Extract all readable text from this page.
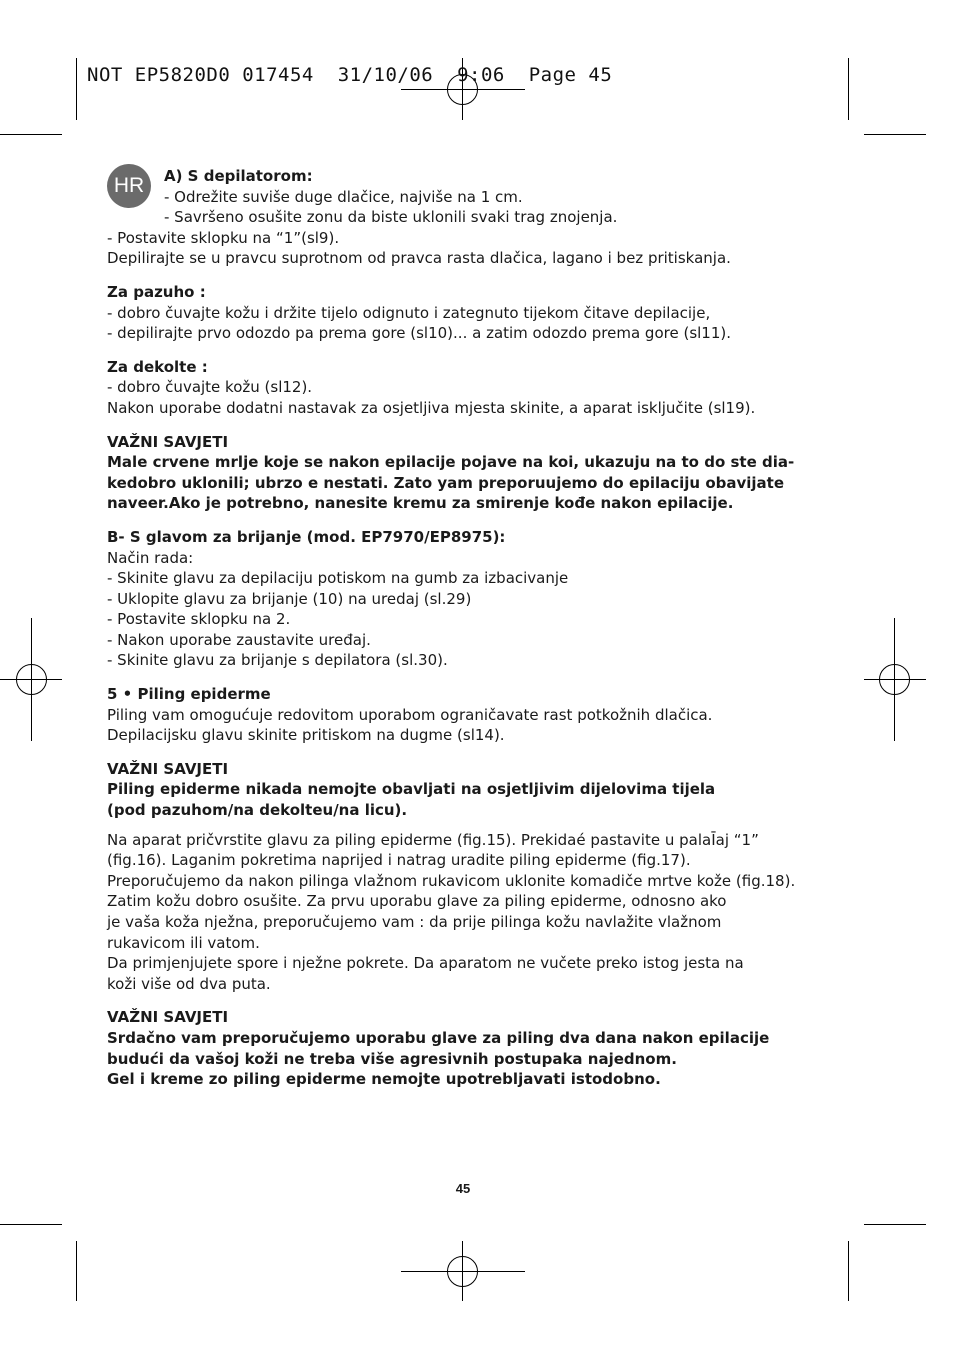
NOT EP5820D0 017454  31/10/06  9:06  Page 45
HR	A) S depilatorom:

- Odrežite suviše duge dlačice, najviše na 1 cm.

- Savršeno osušite zonu da biste uklonili svaki trag znojenja.

- Postavite sklopku na “1”(sl9).

Depilirajte se u pravcu suprotnom od pravca rasta dlačica, lagano i bez pritiskanja.

Za pazuho :

- dobro čuvajte kožu i držite tijelo odignuto i zategnuto tijekom čitave depilacije,

- depilirajte prvo odozdo pa prema gore (sl10)... a zatim odozdo prema gore (sl11).

Za dekolte :

- dobro čuvajte kožu (sl12).

Nakon uporabe dodatni nastavak za osjetljiva mjesta skinite, a aparat isključite (sl19).

VAŽNI SAVJETI

Male crvene mrlje koje se nakon epilacije pojave na koi, ukazuju na to do ste dia-

kedobro uklonili; ubrzo e nestati. Zato yam preporuujemo do epilaciju obavijate

naveer.Ako je potrebno, nanesite kremu za smirenje kođe nakon epilacije.

B- S glavom za brijanje (mod. EP7970/EP8975):

Način rada:

- Skinite glavu za depilaciju potiskom na gumb za izbacivanje

- Uklopite glavu za brijanje (10) na uredaj (sl.29)

- Postavite sklopku na 2.

- Nakon uporabe zaustavite uređaj.

- Skinite glavu za brijanje s depilatora (sl.30).

5 • Piling epiderme

Piling vam omogućuje redovitom uporabom ograničavate rast potkožnih dlačica.

Depilacijsku glavu skinite pritiskom na dugme (sl14).

VAŽNI SAVJETI

Piling epiderme nikada nemojte obavljati na osjetljivim dijelovima tijela

(pod pazuhom/na dekolteu/na licu).

Na aparat pričvrstite glavu za piling epiderme (fig.15). Prekidaé pastavite u palaĪaj “1”

(fig.16). Laganim pokretima naprijed i natrag uradite piling epiderme (fig.17).

Preporučujemo da nakon pilinga vlažnom rukavicom uklonite komadiče mrtve kože (fig.18).

Zatim kožu dobro osušite. Za prvu uporabu glave za piling epiderme, odnosno ako

je vaša koža nježna, preporučujemo vam : da prije pilinga kožu navlažite vlažnom

rukavicom ili vatom.

Da primjenjujete spore i nježne pokrete. Da aparatom ne vučete preko istog jesta na

koži više od dva puta.

VAŽNI SAVJETI

Srdačno vam preporučujemo uporabu glave za piling dva dana nakon epilacije

budući da vašoj koži ne treba više agresivnih postupaka najednom.

Gel i kreme zo piling epiderme nemojte upotrebljavati istodobno.

45
